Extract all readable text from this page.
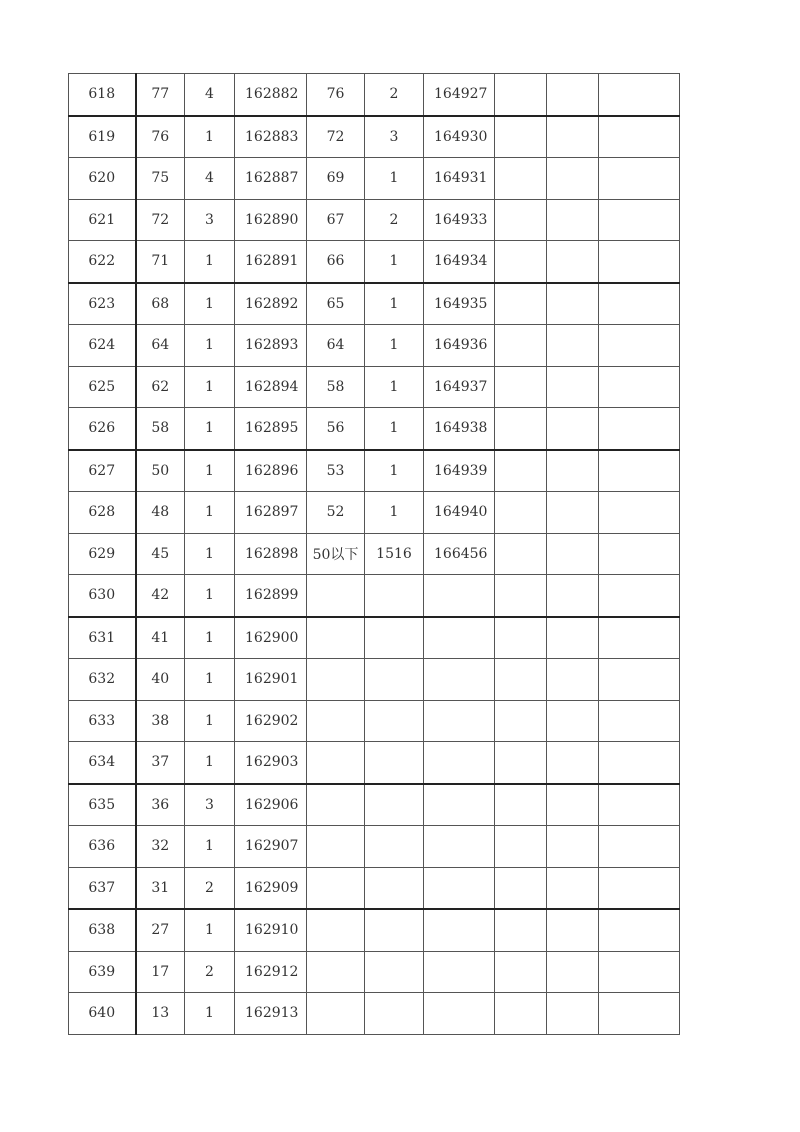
618	77	4	162882	76	2	164927			
619	76	1	162883	72	3	164930			
620	75	4	162887	69	1	164931			
621	72	3	162890	67	2	164933			
622	71	1	162891	66	1	164934			
623	68	1	162892	65	1	164935			
624	64	1	162893	64	1	164936			
625	62	1	162894	58	1	164937			
626	58	1	162895	56	1	164938			
627	50	1	162896	53	1	164939			
628	48	1	162897	52	1	164940			
629	45	1	162898	50以下	1516	166456			
630	42	1	162899						
631	41	1	162900						
632	40	1	162901						
633	38	1	162902						
634	37	1	162903						
635	36	3	162906						
636	32	1	162907						
637	31	2	162909						
638	27	1	162910						
639	17	2	162912						
640	13	1	162913						
